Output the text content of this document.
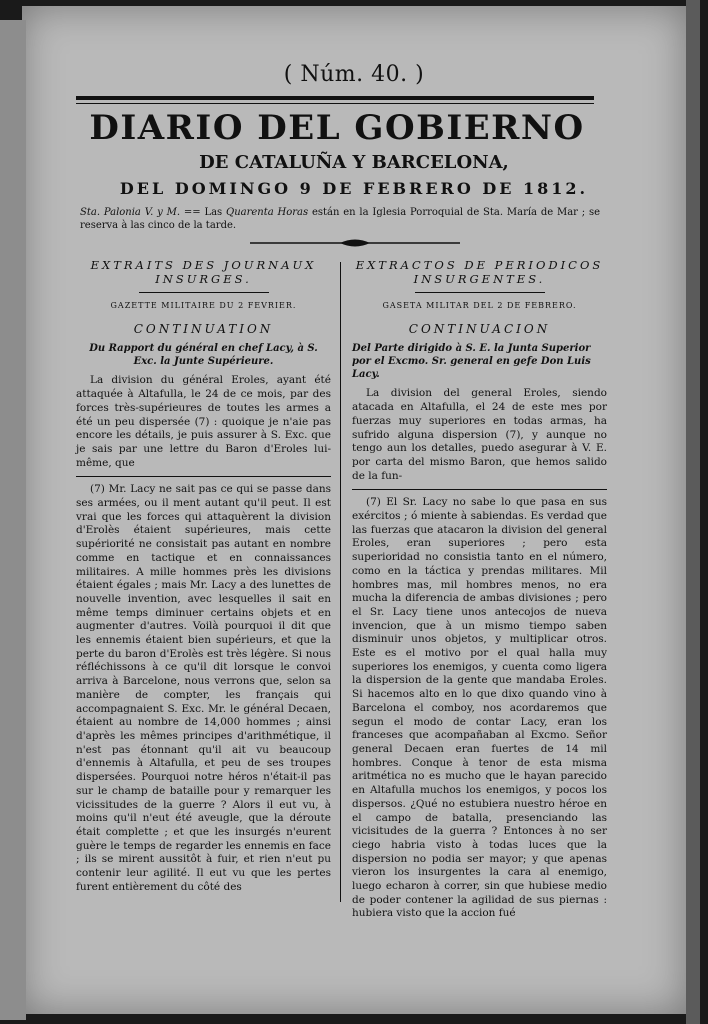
( Núm. 40. )
DIARIO DEL GOBIERNO
DE CATALUÑA Y BARCELONA,
DEL DOMINGO 9 DE FEBRERO DE 1812.
Sta. Palonia V. y M. == Las Quarenta Horas están en la Iglesia Porroquial de Sta. María de Mar ; se reserva à las cinco de la tarde.
EXTRAITS DES JOURNAUX
INSURGES.
GAZETTE MILITAIRE DU 2 FEVRIER.
CONTINUATION
Du Rapport du général en chef Lacy, à S. Exc. la Junte Supérieure.

La division du général Eroles, ayant été attaquée à Altafulla, le 24 de ce mois, par des forces très-supérieures de toutes les armes a été un peu dispersée (7) : quoique je n'aie pas encore les détails, je puis assurer à S. Exc. que je sais par une lettre du Baron d'Eroles lui-même, que

(7) Mr. Lacy ne sait pas ce qui se passe dans ses armées, ou il ment autant qu'il peut. Il est vrai que les forces qui attaquèrent la division d'Erolès étaient supérieures, mais cette supériorité ne consistait pas autant en nombre comme en tactique et en connaissances militaires. A mille hommes près les divisions étaient égales ; mais Mr. Lacy a des lunettes de nouvelle invention, avec lesquelles il sait en même temps diminuer certains objets et en augmenter d'autres. Voilà pourquoi il dit que les ennemis étaient bien supérieurs, et que la perte du baron d'Erolès est très légère. Si nous réfléchissons à ce qu'il dit lorsque le convoi arriva à Barcelone, nous verrons que, selon sa manière de compter, les français qui accompagnaient S. Exc. Mr. le général Decaen, étaient au nombre de 14,000 hommes ; ainsi d'après les mêmes principes d'arithmétique, il n'est pas étonnant qu'il ait vu beaucoup d'ennemis à Altafulla, et peu de ses troupes dispersées. Pourquoi notre héros n'était-il pas sur le champ de bataille pour y remarquer les vicissitudes de la guerre ? Alors il eut vu, à moins qu'il n'eut été aveugle, que la déroute était complette ; et que les insurgés n'eurent guère le temps de regarder les ennemis en face ; ils se mirent aussitôt à fuir, et rien n'eut pu contenir leur agilité. Il eut vu que les pertes furent entièrement du côté des

EXTRACTOS DE PERIODICOS
INSURGENTES.
GASETA MILITAR DEL 2 DE FEBRERO.
CONTINUACION
Del Parte dirigido à S. E. la Junta Superior por el Excmo. Sr. general en gefe Don Luis Lacy.

La division del general Eroles, siendo atacada en Altafulla, el 24 de este mes por fuerzas muy superiores en todas armas, ha sufrido alguna dispersion (7), y aunque no tengo aun los detalles, puedo asegurar à V. E. por carta del mismo Baron, que hemos salido de la fun-

(7) El Sr. Lacy no sabe lo que pasa en sus exércitos ; ó miente à sabiendas. Es verdad que las fuerzas que atacaron la division del general Eroles, eran superiores ; pero esta superioridad no consistia tanto en el número, como en la táctica y prendas militares. Mil hombres mas, mil hombres menos, no era mucha la diferencia de ambas divisiones ; pero el Sr. Lacy tiene unos antecojos de nueva invencion, que à un mismo tiempo saben disminuir unos objetos, y multiplicar otros. Este es el motivo por el qual halla muy superiores los enemigos, y cuenta como ligera la dispersion de la gente que mandaba Eroles. Si hacemos alto en lo que dixo quando vino à Barcelona el comboy, nos acordaremos que segun el modo de contar Lacy, eran los franceses que acompañaban al Excmo. Señor general Decaen eran fuertes de 14 mil hombres. Conque à tenor de esta misma aritmética no es mucho que le hayan parecido en Altafulla muchos los enemigos, y pocos los dispersos. ¿Qué no estubiera nuestro héroe en el campo de batalla, presenciando las vicisitudes de la guerra ? Entonces à no ser ciego habria visto à todas luces que la dispersion no podia ser mayor; y que apenas vieron los insurgentes la cara al enemigo, luego echaron à correr, sin que hubiese medio de poder contener la agilidad de sus piernas : hubiera visto que la accion fué
